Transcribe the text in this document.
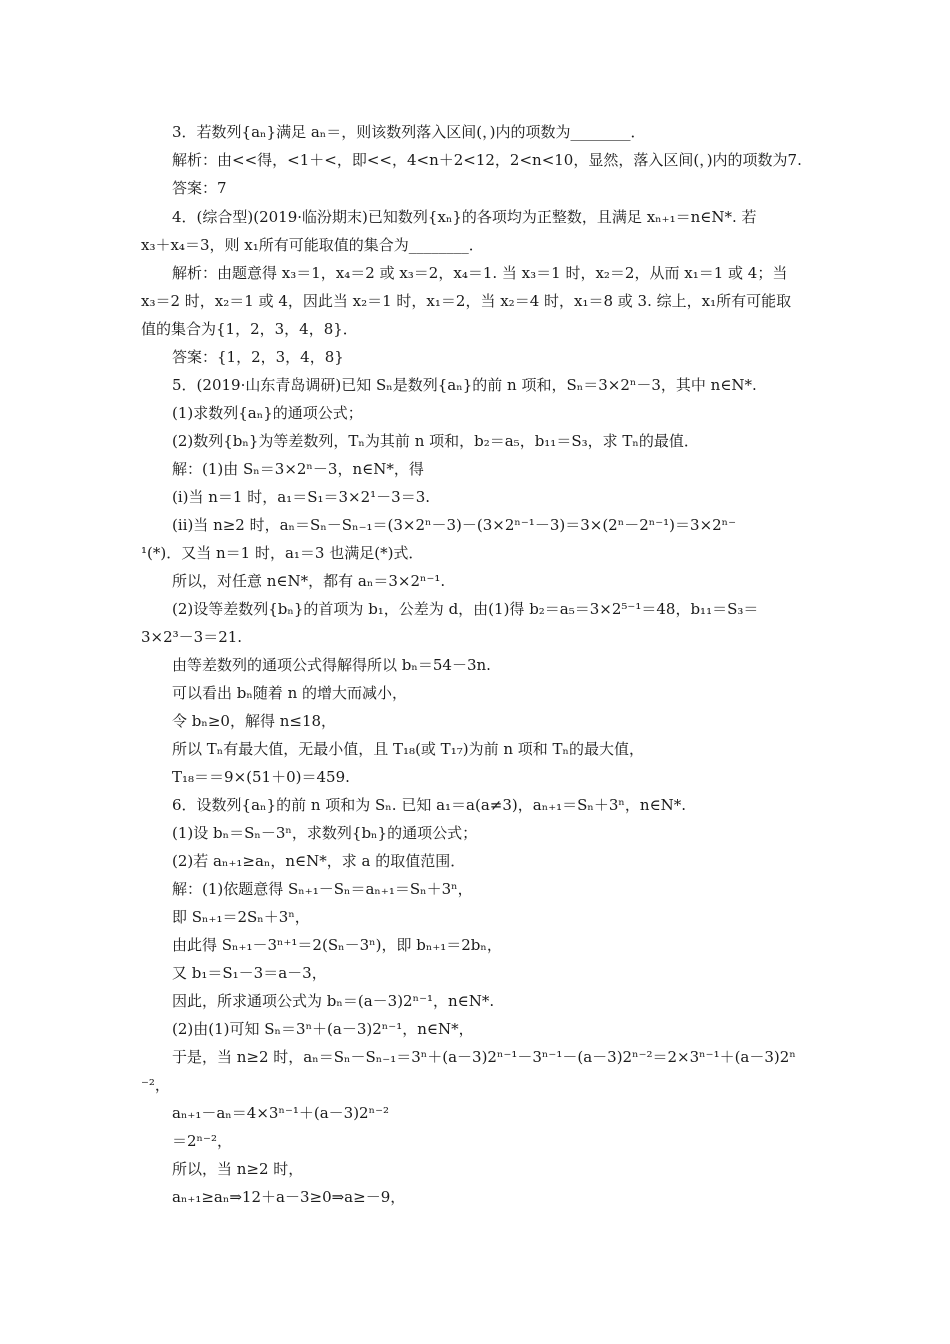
3．若数列{aₙ}满足 aₙ＝，则该数列落入区间(，)内的项数为________．
解析：由<<得，<1＋<，即<<，4<n＋2<12，2<n<10，显然，落入区间(，)内的项数为7.
答案：7
4．(综合型)(2019·临汾期末)已知数列{xₙ}的各项均为正整数，且满足 xₙ₊₁＝n∈N*. 若
x₃＋x₄＝3，则 x₁所有可能取值的集合为________．
解析：由题意得 x₃＝1，x₄＝2 或 x₃＝2，x₄＝1. 当 x₃＝1 时，x₂＝2，从而 x₁＝1 或 4；当
x₃＝2 时，x₂＝1 或 4，因此当 x₂＝1 时，x₁＝2，当 x₂＝4 时，x₁＝8 或 3. 综上，x₁所有可能取
值的集合为{1，2，3，4，8}．
答案：{1，2，3，4，8}
5．(2019·山东青岛调研)已知 Sₙ是数列{aₙ}的前 n 项和，Sₙ＝3×2ⁿ－3，其中 n∈N*.
(1)求数列{aₙ}的通项公式；
(2)数列{bₙ}为等差数列，Tₙ为其前 n 项和，b₂＝a₅，b₁₁＝S₃，求 Tₙ的最值．
解：(1)由 Sₙ＝3×2ⁿ－3，n∈N*，得
(ⅰ)当 n＝1 时，a₁＝S₁＝3×2¹－3＝3.
(ⅱ)当 n≥2 时，aₙ＝Sₙ－Sₙ₋₁＝(3×2ⁿ－3)－(3×2ⁿ⁻¹－3)＝3×(2ⁿ－2ⁿ⁻¹)＝3×2ⁿ⁻
¹(*)．又当 n＝1 时，a₁＝3 也满足(*)式．
所以，对任意 n∈N*，都有 aₙ＝3×2ⁿ⁻¹.
(2)设等差数列{bₙ}的首项为 b₁，公差为 d，由(1)得 b₂＝a₅＝3×2⁵⁻¹＝48，b₁₁＝S₃＝
3×2³－3＝21.
由等差数列的通项公式得解得所以 bₙ＝54－3n.
可以看出 bₙ随着 n 的增大而减小，
令 bₙ≥0，解得 n≤18，
所以 Tₙ有最大值，无最小值，且 T₁₈(或 T₁₇)为前 n 项和 Tₙ的最大值，
T₁₈＝＝9×(51＋0)＝459.
6．设数列{aₙ}的前 n 项和为 Sₙ. 已知 a₁＝a(a≠3)，aₙ₊₁＝Sₙ＋3ⁿ，n∈N*.
(1)设 bₙ＝Sₙ－3ⁿ，求数列{bₙ}的通项公式；
(2)若 aₙ₊₁≥aₙ，n∈N*，求 a 的取值范围．
解：(1)依题意得 Sₙ₊₁－Sₙ＝aₙ₊₁＝Sₙ＋3ⁿ，
即 Sₙ₊₁＝2Sₙ＋3ⁿ，
由此得 Sₙ₊₁－3ⁿ⁺¹＝2(Sₙ－3ⁿ)，即 bₙ₊₁＝2bₙ，
又 b₁＝S₁－3＝a－3，
因此，所求通项公式为 bₙ＝(a－3)2ⁿ⁻¹，n∈N*.
(2)由(1)可知 Sₙ＝3ⁿ＋(a－3)2ⁿ⁻¹，n∈N*，
于是，当 n≥2 时，aₙ＝Sₙ－Sₙ₋₁＝3ⁿ＋(a－3)2ⁿ⁻¹－3ⁿ⁻¹－(a－3)2ⁿ⁻²＝2×3ⁿ⁻¹＋(a－3)2ⁿ
⁻²，
aₙ₊₁－aₙ＝4×3ⁿ⁻¹＋(a－3)2ⁿ⁻²
＝2ⁿ⁻²，
所以，当 n≥2 时，
aₙ₊₁≥aₙ⇒12＋a－3≥0⇒a≥－9，
